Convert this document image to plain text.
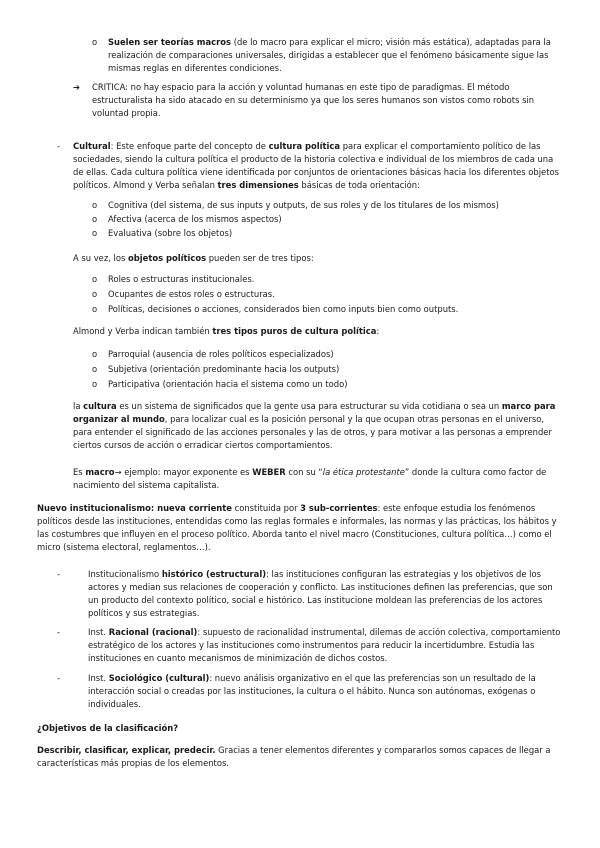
o	Suelen ser teorías macros (de lo macro para explicar el micro; visión más estática), adaptadas para la realización de comparaciones universales, dirigidas a establecer que el fenómeno básicamente sigue las mismas reglas en diferentes condiciones.

➔	CRITICA: no hay espacio para la acción y voluntad humanas en este tipo de paradigmas. El método estructuralista ha sido atacado en su determinismo ya que los seres humanos son vistos como robots sin voluntad propia.

-	Cultural: Este enfoque parte del concepto de cultura política para explicar el comportamiento político de las sociedades, siendo la cultura política el producto de la historia colectiva e individual de los miembros de cada una de ellas. Cada cultura política viene identificada por conjuntos de orientaciones básicas hacia los diferentes objetos políticos. Almond y Verba señalan tres dimensiones básicas de toda orientación:

o	Cognitiva (del sistema, de sus inputs y outputs, de sus roles y de los titulares de los mismos)

o	Afectiva (acerca de los mismos aspectos)

o	Evaluativa (sobre los objetos)

A su vez, los objetos políticos pueden ser de tres tipos:

o	Roles o estructuras institucionales.

o	Ocupantes de estos roles o estructuras.

o	Políticas, decisiones o acciones, considerados bien como inputs bien como outputs.

Almond y Verba indican también tres tipos puros de cultura política:

o	Parroquial (ausencia de roles políticos especializados)

o	Subjetiva (orientación predominante hacia los outputs)

o	Participativa (orientación hacia el sistema como un todo)

la cultura es un sistema de significados que la gente usa para estructurar su vida cotidiana o sea un marco para organizar al mundo, para localizar cual es la posición personal y la que ocupan otras personas en el universo, para entender el significado de las acciones personales y las de otros, y para motivar a las personas a emprender ciertos cursos de acción o erradicar ciertos comportamientos.

Es macro→ ejemplo: mayor exponente es WEBER con su “la ética protestante” donde la cultura como factor de nacimiento del sistema capitalista.

Nuevo institucionalismo: nueva corriente constituida por 3 sub-corrientes: este enfoque estudia los fenómenos políticos desde las instituciones, entendidas como las reglas formales e informales, las normas y las prácticas, los hábitos y las costumbres que influyen en el proceso político. Aborda tanto el nivel macro (Constituciones, cultura política…) como el micro (sistema electoral, reglamentos…).

-	Institucionalismo histórico (estructural): las instituciones configuran las estrategias y los objetivos de los actores y median sus relaciones de cooperación y conflicto. Las instituciones definen las preferencias, que son un producto del contexto político, social e histórico. Las institucione moldean las preferencias de los actores políticos y sus estrategias.

-	Inst. Racional (racional): supuesto de racionalidad instrumental, dilemas de acción colectiva, comportamiento estratégico de los actores y las instituciones como instrumentos para reducir la incertidumbre. Estudia las instituciones en cuanto mecanismos de minimización de dichos costos.

-	Inst. Sociológico (cultural): nuevo análisis organizativo en el que las preferencias son un resultado de la interacción social o creadas por las instituciones, la cultura o el hábito. Nunca son autónomas, exógenas o individuales.

¿Objetivos de la clasificación?

Describir, clasificar, explicar, predecir. Gracias a tener elementos diferentes y compararlos somos capaces de llegar a características más propias de los elementos.
